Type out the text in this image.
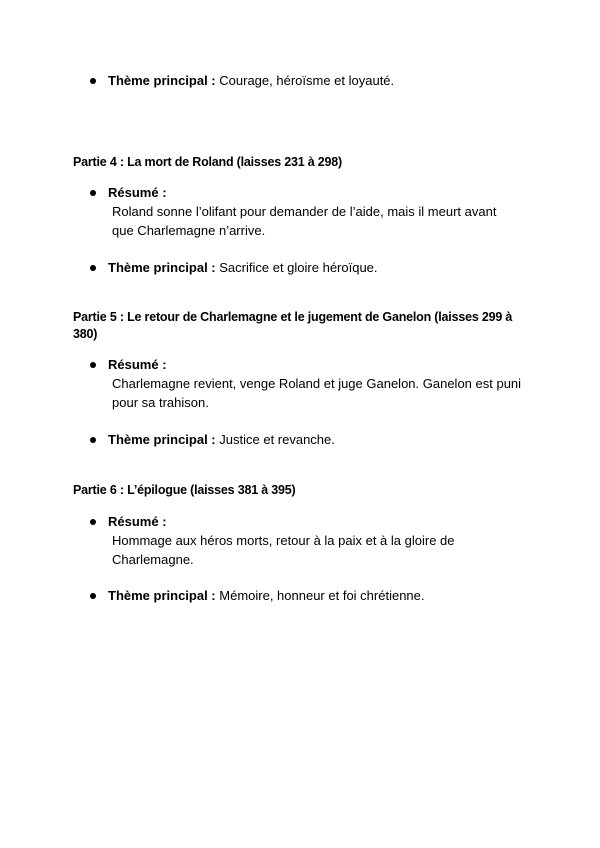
Thème principal : Courage, héroïsme et loyauté.
Partie 4 : La mort de Roland (laisses 231 à 298)
Résumé :
Roland sonne l’olifant pour demander de l’aide, mais il meurt avant que Charlemagne n’arrive.
Thème principal : Sacrifice et gloire héroïque.
Partie 5 : Le retour de Charlemagne et le jugement de Ganelon (laisses 299 à 380)
Résumé :
Charlemagne revient, venge Roland et juge Ganelon. Ganelon est puni pour sa trahison.
Thème principal : Justice et revanche.
Partie 6 : L’épilogue (laisses 381 à 395)
Résumé :
Hommage aux héros morts, retour à la paix et à la gloire de Charlemagne.
Thème principal : Mémoire, honneur et foi chrétienne.
